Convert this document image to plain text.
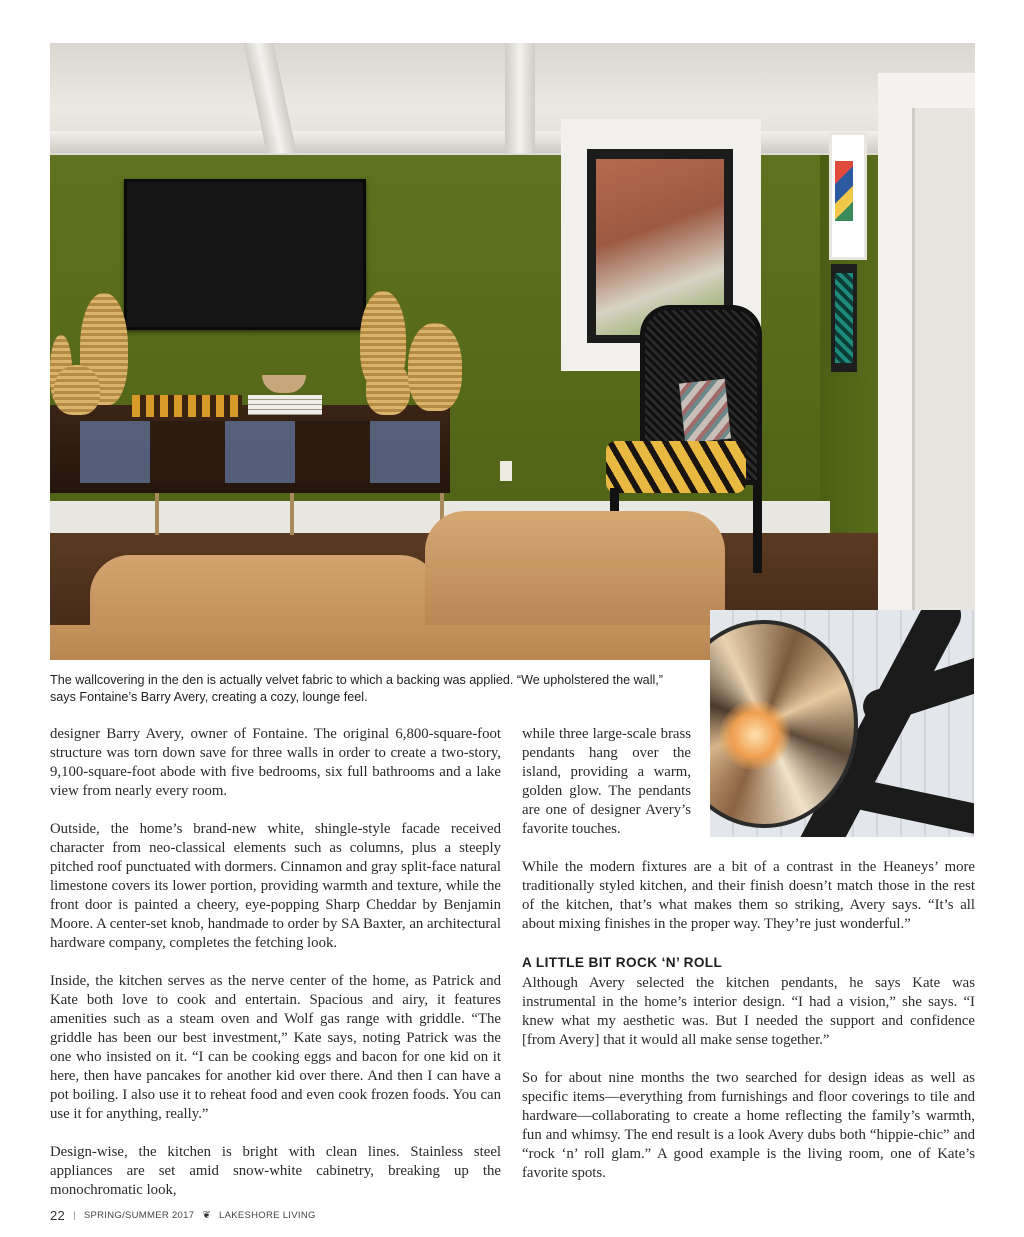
The wallcovering in the den is actually velvet fabric to which a backing was applied. “We upholstered the wall,” says Fontaine’s Barry Avery, creating a cozy, lounge feel.

designer Barry Avery, owner of Fontaine. The original 6,800-square-foot structure was torn down save for three walls in order to create a two-story, 9,100-square-foot abode with five bedrooms, six full bathrooms and a lake view from nearly every room.

Outside, the home’s brand-new white, shingle-style facade received character from neo-classical elements such as columns, plus a steeply pitched roof punctuated with dormers. Cinnamon and gray split-face natural limestone covers its lower portion, providing warmth and texture, while the front door is painted a cheery, eye-popping Sharp Cheddar by Benjamin Moore. A center-set knob, handmade to order by SA Baxter, an architectural hardware company, completes the fetching look.

Inside, the kitchen serves as the nerve center of the home, as Patrick and Kate both love to cook and entertain. Spacious and airy, it features amenities such as a steam oven and Wolf gas range with griddle. “The griddle has been our best investment,” Kate says, noting Patrick was the one who insisted on it. “I can be cooking eggs and bacon for one kid on it here, then have pancakes for another kid over there. And then I can have a pot boiling. I also use it to reheat food and even cook frozen foods. You can use it for anything, really.”

Design-wise, the kitchen is bright with clean lines. Stainless steel appliances are set amid snow-white cabinetry, breaking up the monochromatic look,

while three large-scale brass pendants hang over the island, providing a warm, golden glow. The pendants are one of designer Avery’s favorite touches.

While the modern fixtures are a bit of a contrast in the Heaneys’ more traditionally styled kitchen, and their finish doesn’t match those in the rest of the kitchen, that’s what makes them so striking, Avery says. “It’s all about mixing finishes in the proper way. They’re just wonderful.”

A LITTLE BIT ROCK ‘N’ ROLL

Although Avery selected the kitchen pendants, he says Kate was instrumental in the home’s interior design. “I had a vision,” she says. “I knew what my aesthetic was. But I needed the support and confidence [from Avery] that it would all make sense together.”

So for about nine months the two searched for design ideas as well as specific items—everything from furnishings and floor coverings to tile and hardware—collaborating to create a home reflecting the family’s warmth, fun and whimsy. The end result is a look Avery dubs both “hippie-chic” and “rock ‘n’ roll glam.” A good example is the living room, one of Kate’s favorite spots.

22 | SPRING/SUMMER 2017 ❦ LAKESHORE LIVING
